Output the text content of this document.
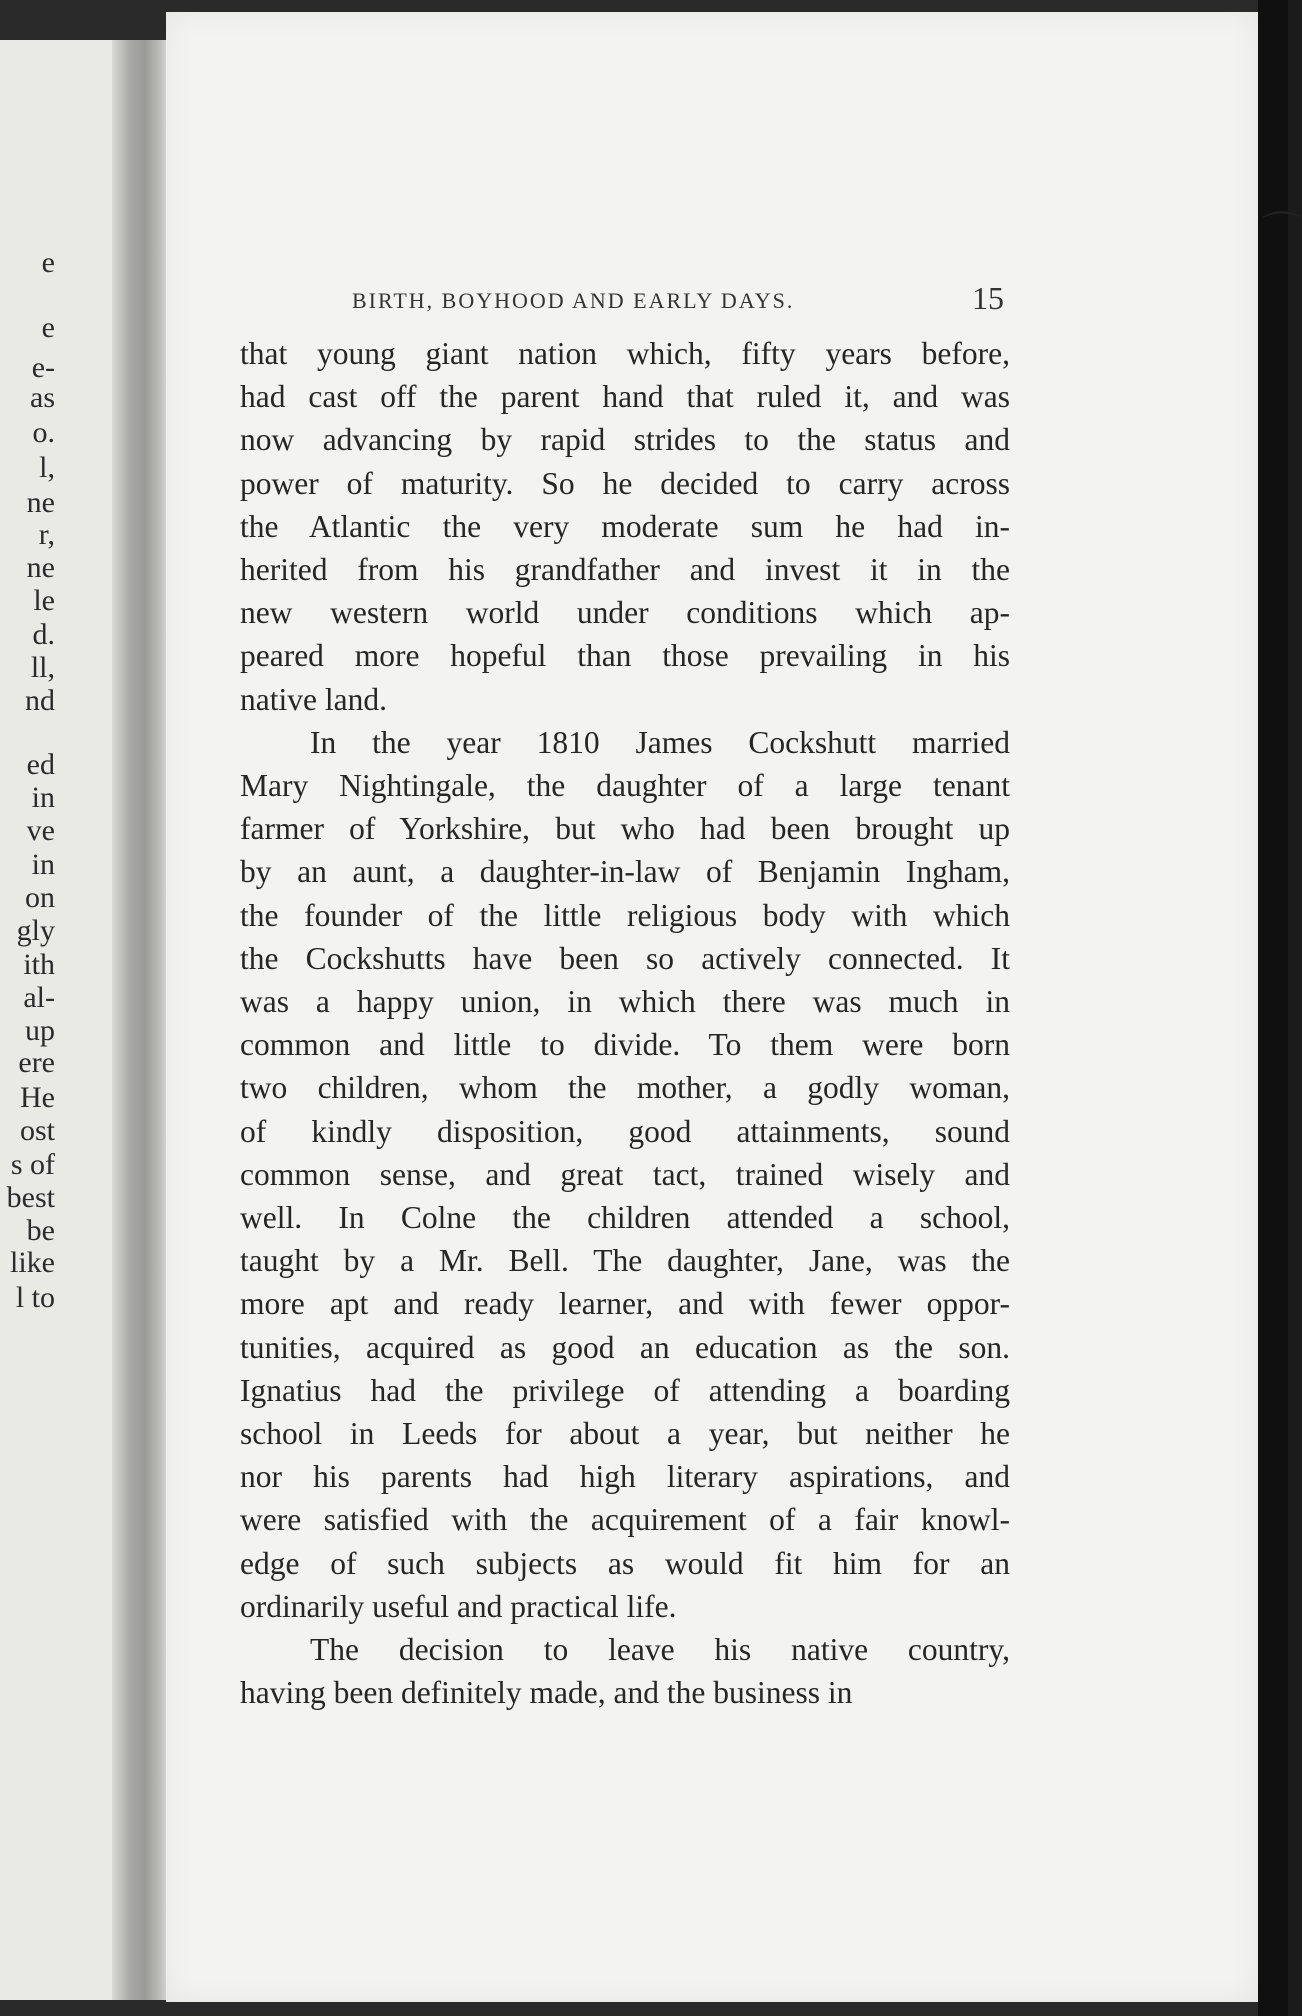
e
e
e-
as
o.
l,
ne
r,
ne
le
d.
ll,
nd
ed
in
ve
in
on
gly
ith
al-
up
ere
He
ost
s of
best
be
like
l to
⌒
BIRTH, BOYHOOD AND EARLY DAYS.	15

that young giant nation which, fifty years before,
had cast off the parent hand that ruled it, and was
now advancing by rapid strides to the status and
power of maturity. So he decided to carry across
the Atlantic the very moderate sum he had in-
herited from his grandfather and invest it in the
new western world under conditions which ap-
peared more hopeful than those prevailing in his
native land.

In the year 1810 James Cockshutt married
Mary Nightingale, the daughter of a large tenant
farmer of Yorkshire, but who had been brought up
by an aunt, a daughter-in-law of Benjamin Ingham,
the founder of the little religious body with which
the Cockshutts have been so actively connected. It
was a happy union, in which there was much in
common and little to divide. To them were born
two children, whom the mother, a godly woman,
of kindly disposition, good attainments, sound
common sense, and great tact, trained wisely and
well. In Colne the children attended a school,
taught by a Mr. Bell. The daughter, Jane, was the
more apt and ready learner, and with fewer oppor-
tunities, acquired as good an education as the son.
Ignatius had the privilege of attending a boarding
school in Leeds for about a year, but neither he
nor his parents had high literary aspirations, and
were satisfied with the acquirement of a fair knowl-
edge of such subjects as would fit him for an
ordinarily useful and practical life.

The decision to leave his native country,
having been definitely made, and the business in
